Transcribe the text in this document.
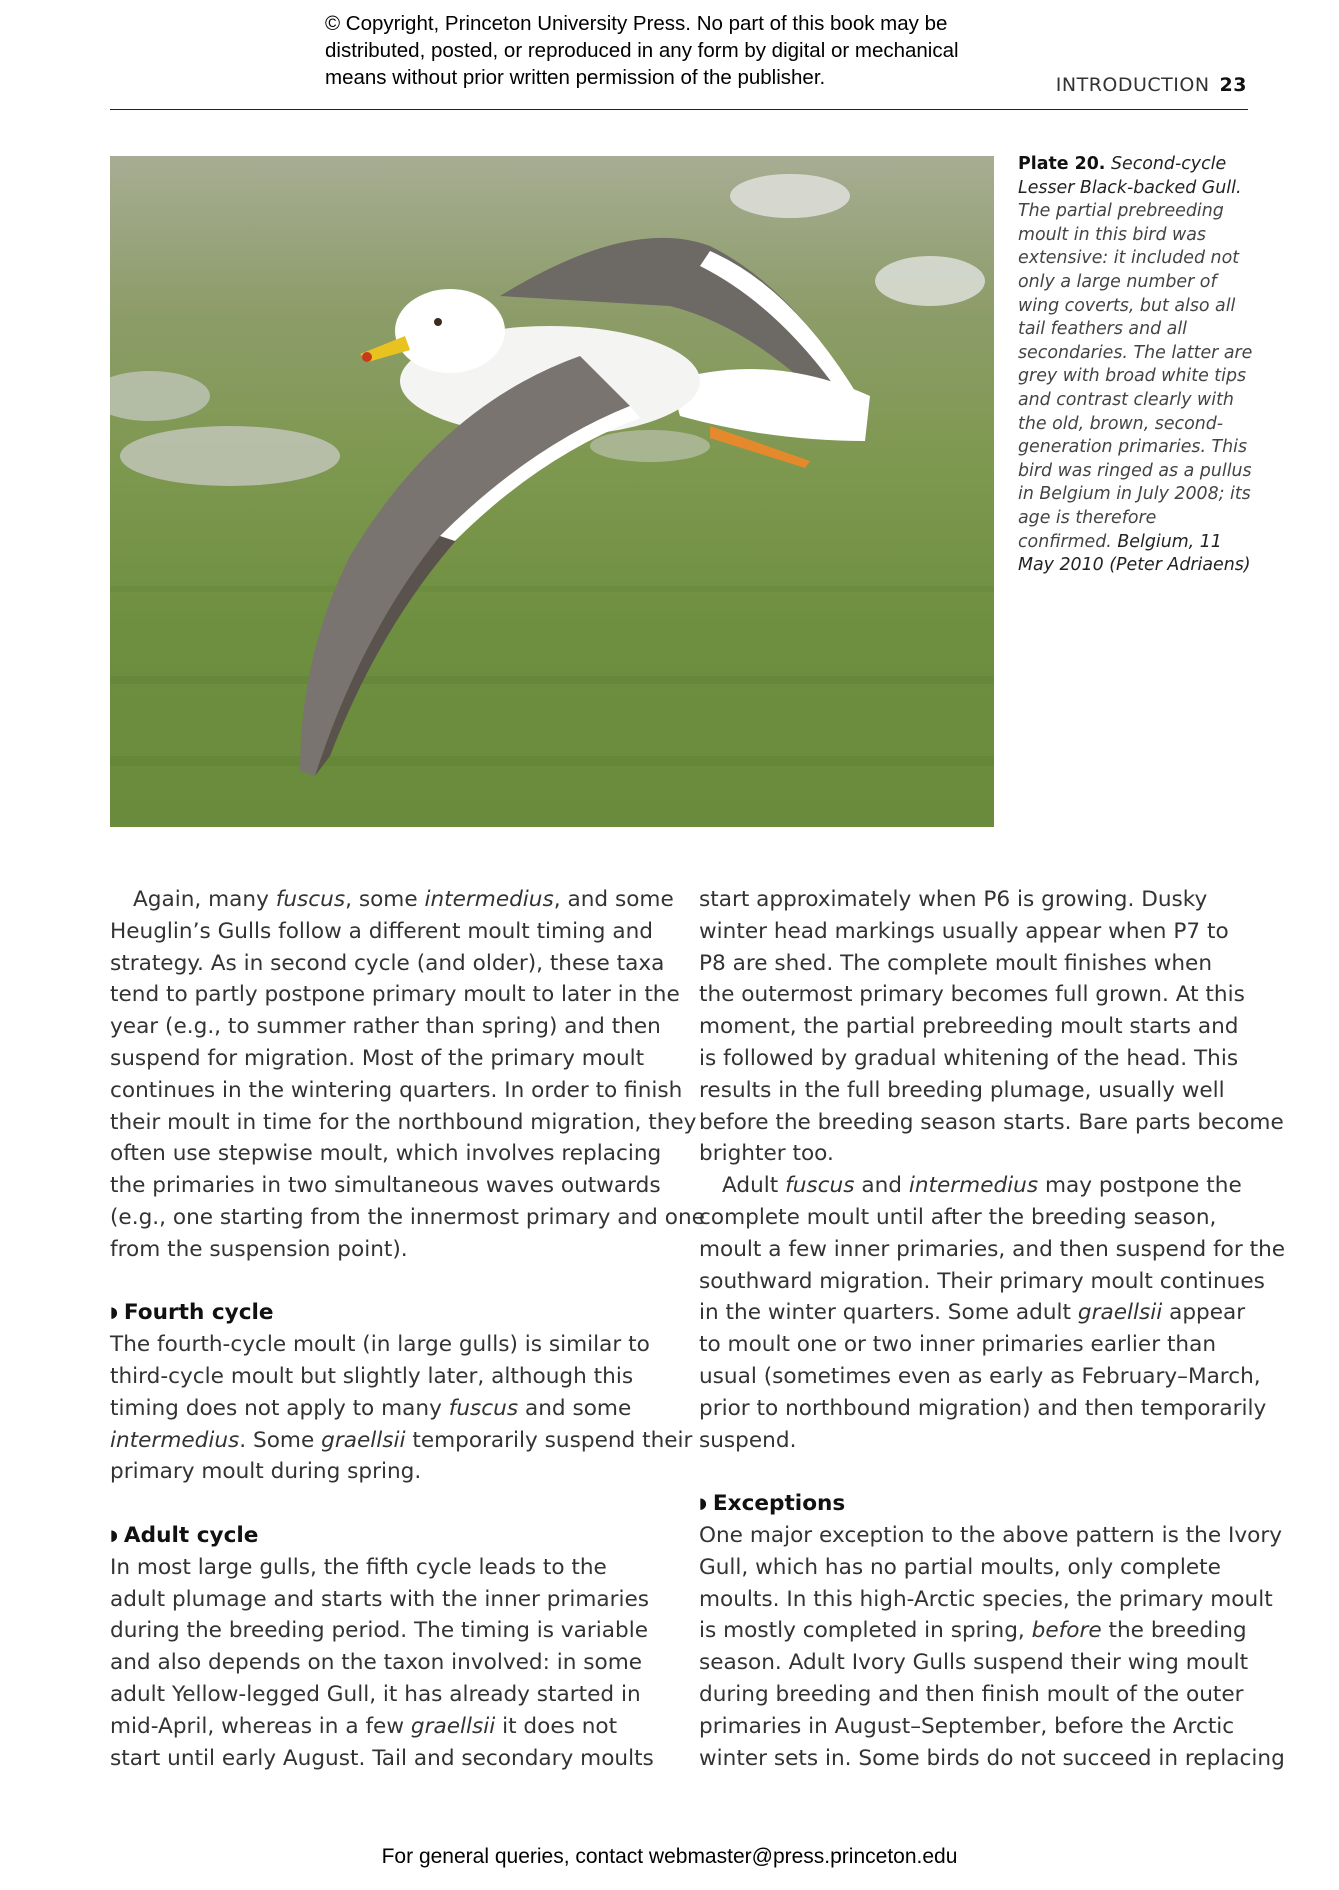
© Copyright, Princeton University Press. No part of this book may be
distributed, posted, or reproduced in any form by digital or mechanical
means without prior written permission of the publisher.	INTRODUCTION 23
Plate 20. Second-cycle Lesser Black-backed Gull. The partial prebreeding moult in this bird was extensive: it included not only a large number of wing coverts, but also all tail feathers and all secondaries. The latter are grey with broad white tips and contrast clearly with the old, brown, second-generation primaries. This bird was ringed as a pullus in Belgium in July 2008; its age is therefore confirmed. Belgium, 11 May 2010 (Peter Adriaens)
Again, many fuscus, some intermedius, and some
Heuglin’s Gulls follow a different moult timing and
strategy. As in second cycle (and older), these taxa
tend to partly postpone primary moult to later in the
year (e.g., to summer rather than spring) and then
suspend for migration. Most of the primary moult
continues in the wintering quarters. In order to finish
their moult in time for the northbound migration, they
often use stepwise moult, which involves replacing
the primaries in two simultaneous waves outwards
(e.g., one starting from the innermost primary and one
from the suspension point).
◗ Fourth cycle
The fourth-cycle moult (in large gulls) is similar to
third-cycle moult but slightly later, although this
timing does not apply to many fuscus and some
intermedius. Some graellsii temporarily suspend their
primary moult during spring.
◗ Adult cycle
In most large gulls, the fifth cycle leads to the
adult plumage and starts with the inner primaries
during the breeding period. The timing is variable
and also depends on the taxon involved: in some
adult Yellow-legged Gull, it has already started in
mid-April, whereas in a few graellsii it does not
start until early August. Tail and secondary moults
start approximately when P6 is growing. Dusky
winter head markings usually appear when P7 to
P8 are shed. The complete moult finishes when
the outermost primary becomes full grown. At this
moment, the partial prebreeding moult starts and
is followed by gradual whitening of the head. This
results in the full breeding plumage, usually well
before the breeding season starts. Bare parts become
brighter too.
Adult fuscus and intermedius may postpone the
complete moult until after the breeding season,
moult a few inner primaries, and then suspend for the
southward migration. Their primary moult continues
in the winter quarters. Some adult graellsii appear
to moult one or two inner primaries earlier than
usual (sometimes even as early as February–March,
prior to northbound migration) and then temporarily
suspend.
◗ Exceptions
One major exception to the above pattern is the Ivory
Gull, which has no partial moults, only complete
moults. In this high-Arctic species, the primary moult
is mostly completed in spring, before the breeding
season. Adult Ivory Gulls suspend their wing moult
during breeding and then finish moult of the outer
primaries in August–September, before the Arctic
winter sets in. Some birds do not succeed in replacing
For general queries, contact webmaster@press.princeton.edu
